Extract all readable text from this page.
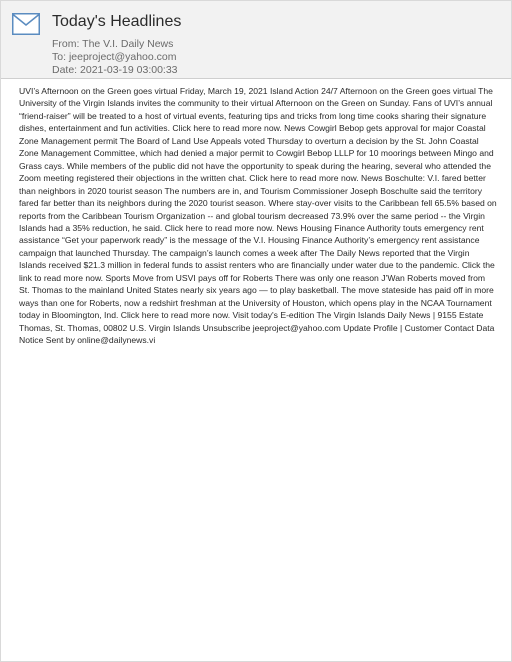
Today's Headlines
From: The V.I. Daily News
To: jeeproject@yahoo.com
Date: 2021-03-19 03:00:33

UVI’s Afternoon on the Green goes virtual Friday, March 19, 2021 Island Action 24/7 Afternoon on the Green goes virtual The University of the Virgin Islands invites the community to their virtual Afternoon on the Green on Sunday. Fans of UVI’s annual “friend-raiser” will be treated to a host of virtual events, featuring tips and tricks from long time cooks sharing their signature dishes, entertainment and fun activities. Click here to read more now. News Cowgirl Bebop gets approval for major Coastal Zone Management permit The Board of Land Use Appeals voted Thursday to overturn a decision by the St. John Coastal Zone Management Committee, which had denied a major permit to Cowgirl Bebop LLLP for 10 moorings between Mingo and Grass cays. While members of the public did not have the opportunity to speak during the hearing, several who attended the Zoom meeting registered their objections in the written chat. Click here to read more now. News Boschulte: V.I. fared better than neighbors in 2020 tourist season The numbers are in, and Tourism Commissioner Joseph Boschulte said the territory fared far better than its neighbors during the 2020 tourist season. Where stay-over visits to the Caribbean fell 65.5% based on reports from the Caribbean Tourism Organization -- and global tourism decreased 73.9% over the same period -- the Virgin Islands had a 35% reduction, he said. Click here to read more now. News Housing Finance Authority touts emergency rent assistance “Get your paperwork ready” is the message of the V.I. Housing Finance Authority’s emergency rent assistance campaign that launched Thursday. The campaign’s launch comes a week after The Daily News reported that the Virgin Islands received $21.3 million in federal funds to assist renters who are financially under water due to the pandemic. Click the link to read more now. Sports Move from USVI pays off for Roberts There was only one reason J’Wan Roberts moved from St. Thomas to the mainland United States nearly six years ago — to play basketball. The move stateside has paid off in more ways than one for Roberts, now a redshirt freshman at the University of Houston, which opens play in the NCAA Tournament today in Bloomington, Ind. Click here to read more now. Visit today's E-edition The Virgin Islands Daily News | 9155 Estate Thomas, St. Thomas, 00802 U.S. Virgin Islands Unsubscribe jeeproject@yahoo.com Update Profile | Customer Contact Data Notice Sent by online@dailynews.vi
